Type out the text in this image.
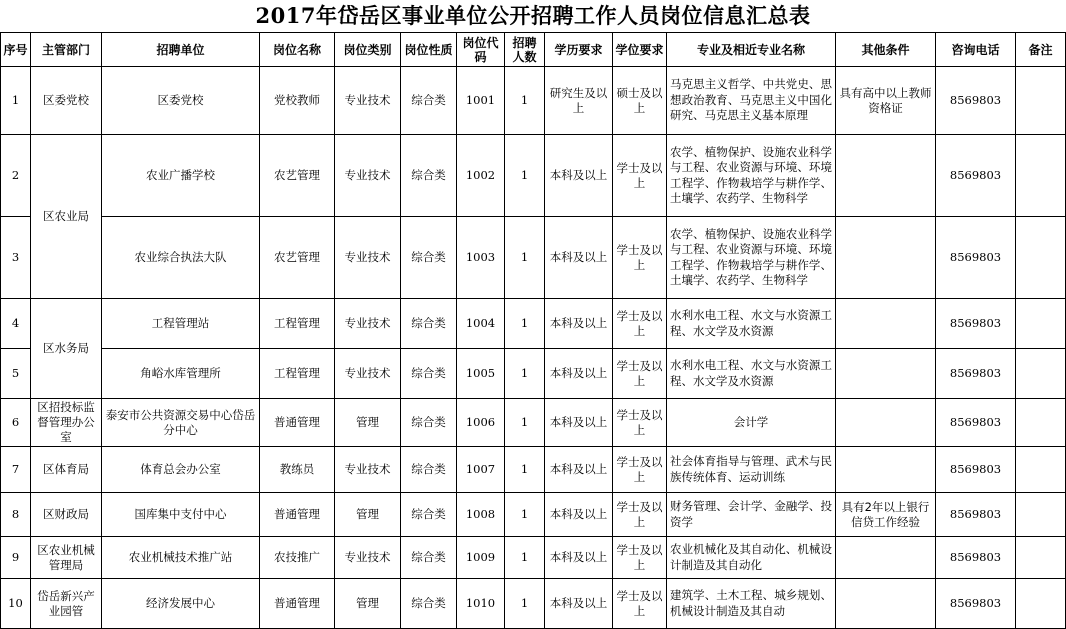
2017年岱岳区事业单位公开招聘工作人员岗位信息汇总表
序号	主管部门	招聘单位	岗位名称	岗位类别	岗位性质	岗位代码	招聘人数	学历要求	学位要求	专业及相近专业名称	其他条件	咨询电话	备注
1	区委党校	区委党校	党校教师	专业技术	综合类	1001	1	研究生及以上	硕士及以上	马克思主义哲学、中共党史、思想政治教育、马克思主义中国化研究、马克思主义基本原理	具有高中以上教师资格证	8569803	
2	区农业局	农业广播学校	农艺管理	专业技术	综合类	1002	1	本科及以上	学士及以上	农学、植物保护、设施农业科学与工程、农业资源与环境、环境工程学、作物栽培学与耕作学、土壤学、农药学、生物科学		8569803	
3		农业综合执法大队	农艺管理	专业技术	综合类	1003	1	本科及以上	学士及以上	农学、植物保护、设施农业科学与工程、农业资源与环境、环境工程学、作物栽培学与耕作学、土壤学、农药学、生物科学		8569803	
4	区水务局	工程管理站	工程管理	专业技术	综合类	1004	1	本科及以上	学士及以上	水利水电工程、水文与水资源工程、水文学及水资源		8569803	
5		角峪水库管理所	工程管理	专业技术	综合类	1005	1	本科及以上	学士及以上	水利水电工程、水文与水资源工程、水文学及水资源		8569803	
6	区招投标监督管理办公室	泰安市公共资源交易中心岱岳分中心	普通管理	管理	综合类	1006	1	本科及以上	学士及以上	会计学		8569803	
7	区体育局	体育总会办公室	教练员	专业技术	综合类	1007	1	本科及以上	学士及以上	社会体育指导与管理、武术与民族传统体育、运动训练		8569803	
8	区财政局	国库集中支付中心	普通管理	管理	综合类	1008	1	本科及以上	学士及以上	财务管理、会计学、金融学、投资学	具有2年以上银行信贷工作经验	8569803	
9	区农业机械管理局	农业机械技术推广站	农技推广	专业技术	综合类	1009	1	本科及以上	学士及以上	农业机械化及其自动化、机械设计制造及其自动化		8569803	
10	岱岳新兴产业园管	经济发展中心	普通管理	管理	综合类	1010	1	本科及以上	学士及以上	建筑学、土木工程、城乡规划、机械设计制造及其自动		8569803	
